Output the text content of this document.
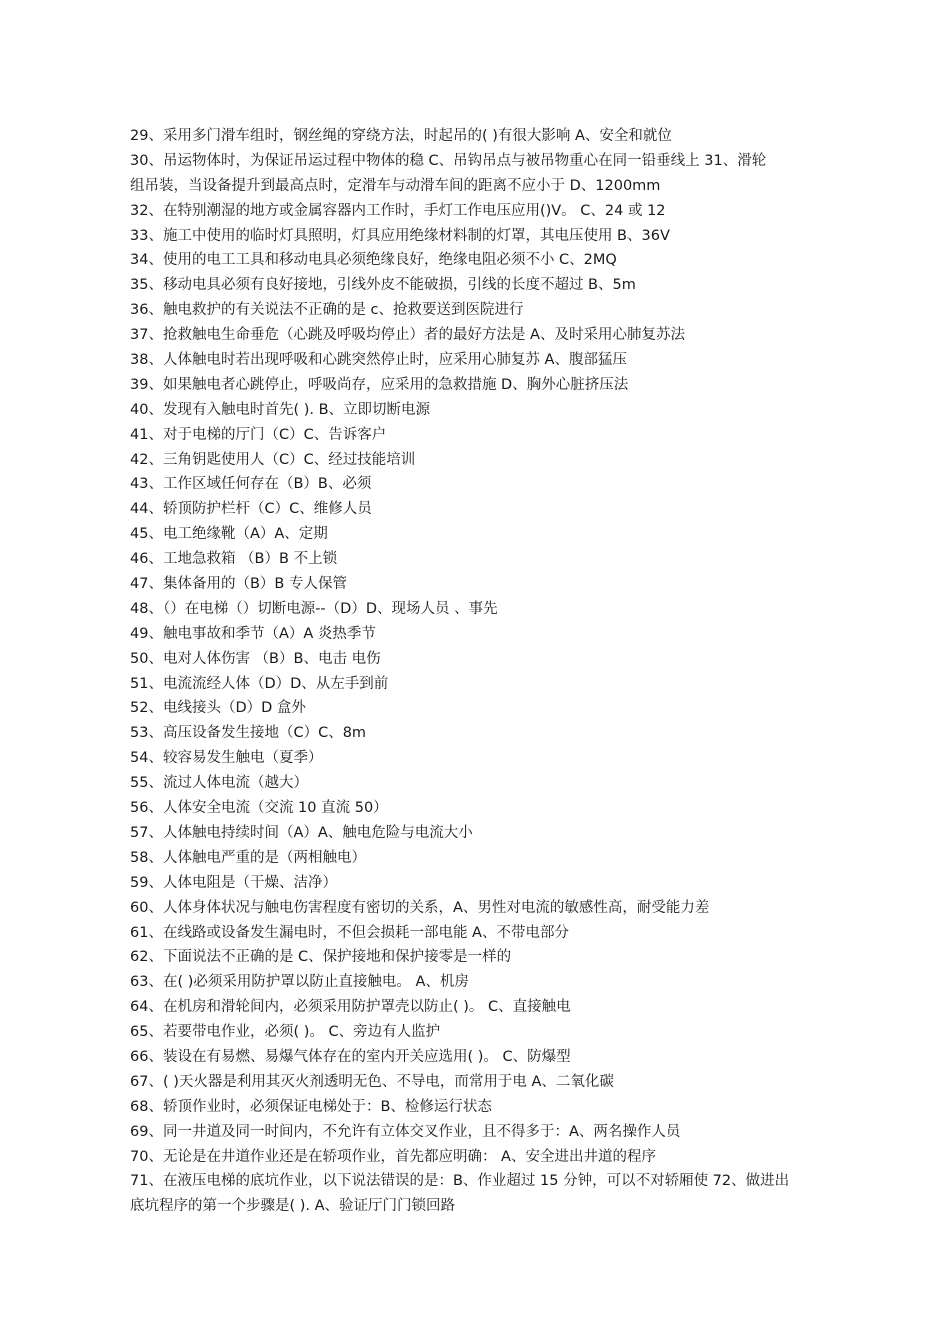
29、采用多门滑车组时，钢丝绳的穿绕方法，时起吊的( )有很大影响 A、安全和就位
30、吊运物体时，为保证吊运过程中物体的稳 C、吊钩吊点与被吊物重心在同一铅垂线上 31、滑轮
组吊装，当设备提升到最高点时，定滑车与动滑车间的距离不应小于 D、1200mm
32、在特别潮湿的地方或金属容器内工作时，手灯工作电压应用()V。 C、24 或 12
33、施工中使用的临时灯具照明，灯具应用绝缘材料制的灯罩，其电压使用 B、36V
34、使用的电工工具和移动电具必须绝缘良好，绝缘电阻必须不小 C、2MQ
35、移动电具必须有良好接地，引线外皮不能破损，引线的长度不超过 B、5m
36、触电救护的有关说法不正确的是 c、抢救要送到医院进行
37、抢救触电生命垂危（心跳及呼吸均停止）者的最好方法是 A、及时采用心肺复苏法
38、人体触电时若出现呼吸和心跳突然停止时，应采用心肺复苏 A、腹部猛压
39、如果触电者心跳停止，呼吸尚存，应采用的急救措施 D、胸外心脏挤压法
40、发现有入触电时首先( ). B、立即切断电源
41、对于电梯的厅门（C）C、告诉客户
42、三角钥匙使用人（C）C、经过技能培训
43、工作区域任何存在（B）B、必须
44、轿顶防护栏杆（C）C、维修人员
45、电工绝缘靴（A）A、定期
46、工地急救箱 （B）B 不上锁
47、集体备用的（B）B 专人保管
48、（）在电梯（）切断电源--（D）D、现场人员 、事先
49、触电事故和季节（A）A 炎热季节
50、电对人体伤害 （B）B、电击 电伤
51、电流流经人体（D）D、从左手到前
52、电线接头（D）D 盒外
53、高压设备发生接地（C）C、8m
54、较容易发生触电（夏季）
55、流过人体电流（越大）
56、人体安全电流（交流 10 直流 50）
57、人体触电持续时间（A）A、触电危险与电流大小
58、人体触电严重的是（两相触电）
59、人体电阻是（干燥、洁净）
60、人体身体状况与触电伤害程度有密切的关系，A、男性对电流的敏感性高，耐受能力差
61、在线路或设备发生漏电时，不但会损耗一部电能 A、不带电部分
62、下面说法不正确的是 C、保护接地和保护接零是一样的
63、在( )必须采用防护罩以防止直接触电。 A、机房
64、在机房和滑轮间内，必须采用防护罩壳以防止( )。 C、直接触电
65、若要带电作业，必须( )。 C、旁边有人监护
66、装设在有易燃、易爆气体存在的室内开关应选用( )。 C、防爆型
67、( )天火器是利用其灭火剂透明无色、不导电，而常用于电 A、二氧化碳
68、轿顶作业时，必须保证电梯处于：B、检修运行状态
69、同一井道及同一时间内，不允许有立体交叉作业，且不得多于：A、两名操作人员
70、无论是在井道作业还是在轿项作业，首先都应明确： A、安全进出井道的程序
71、在液压电梯的底坑作业，以下说法错误的是：B、作业超过 15 分钟，可以不对轿厢使 72、做进出
底坑程序的第一个步骤是( ). A、验证厅门门锁回路
